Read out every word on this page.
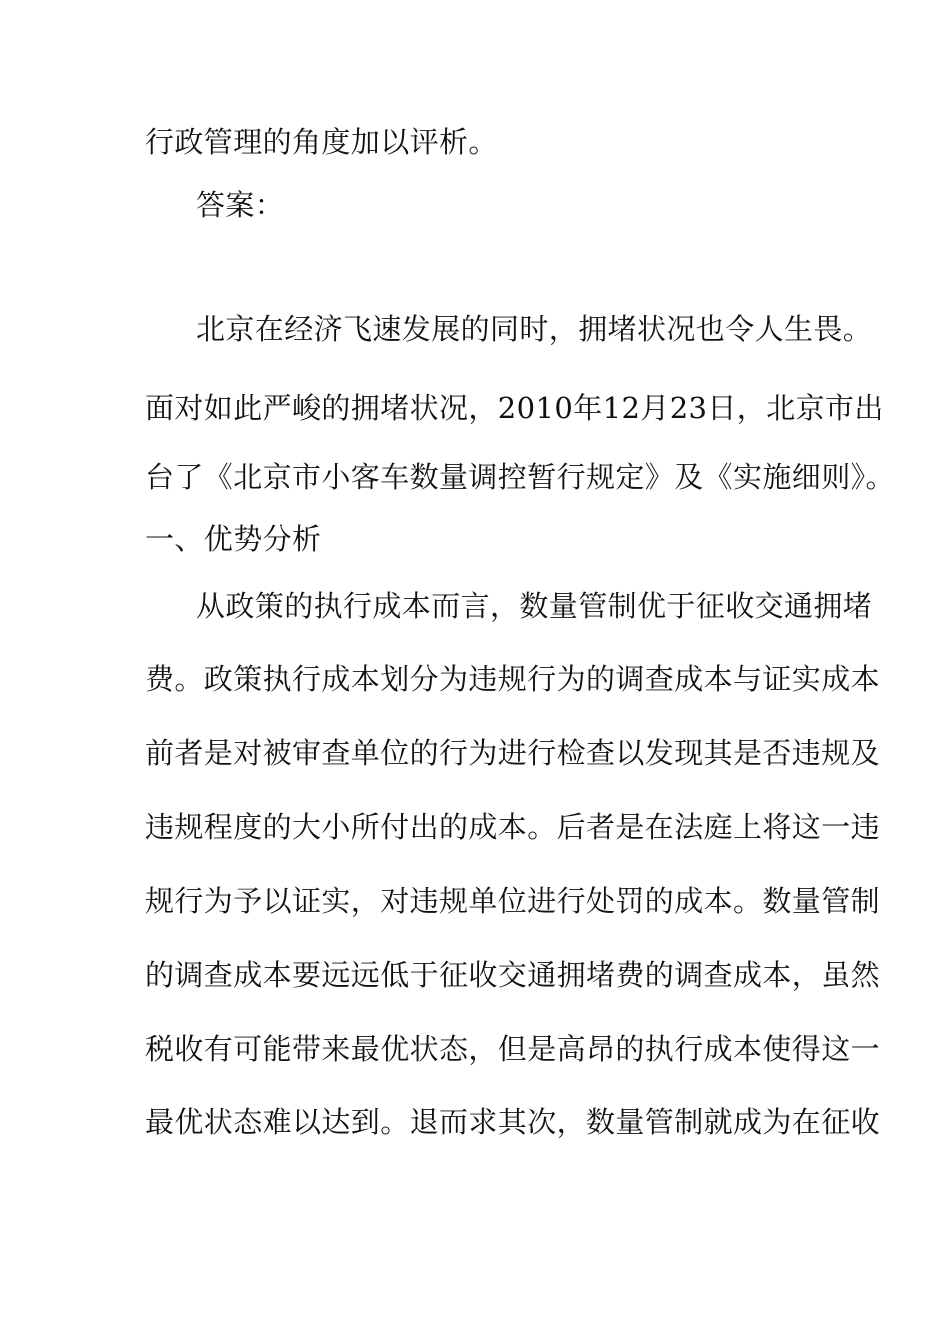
行政管理的角度加以评析。
答案：
北京在经济飞速发展的同时，拥堵状况也令人生畏。
面对如此严峻的拥堵状况，2010年12月23日，北京市出
台了《北京市小客车数量调控暂行规定》及《实施细则》。
一、优势分析
从政策的执行成本而言，数量管制优于征收交通拥堵
费。政策执行成本划分为违规行为的调查成本与证实成本
前者是对被审查单位的行为进行检查以发现其是否违规及
违规程度的大小所付出的成本。后者是在法庭上将这一违
规行为予以证实，对违规单位进行处罚的成本。数量管制
的调查成本要远远低于征收交通拥堵费的调查成本，虽然
税收有可能带来最优状态，但是高昂的执行成本使得这一
最优状态难以达到。退而求其次，数量管制就成为在征收
